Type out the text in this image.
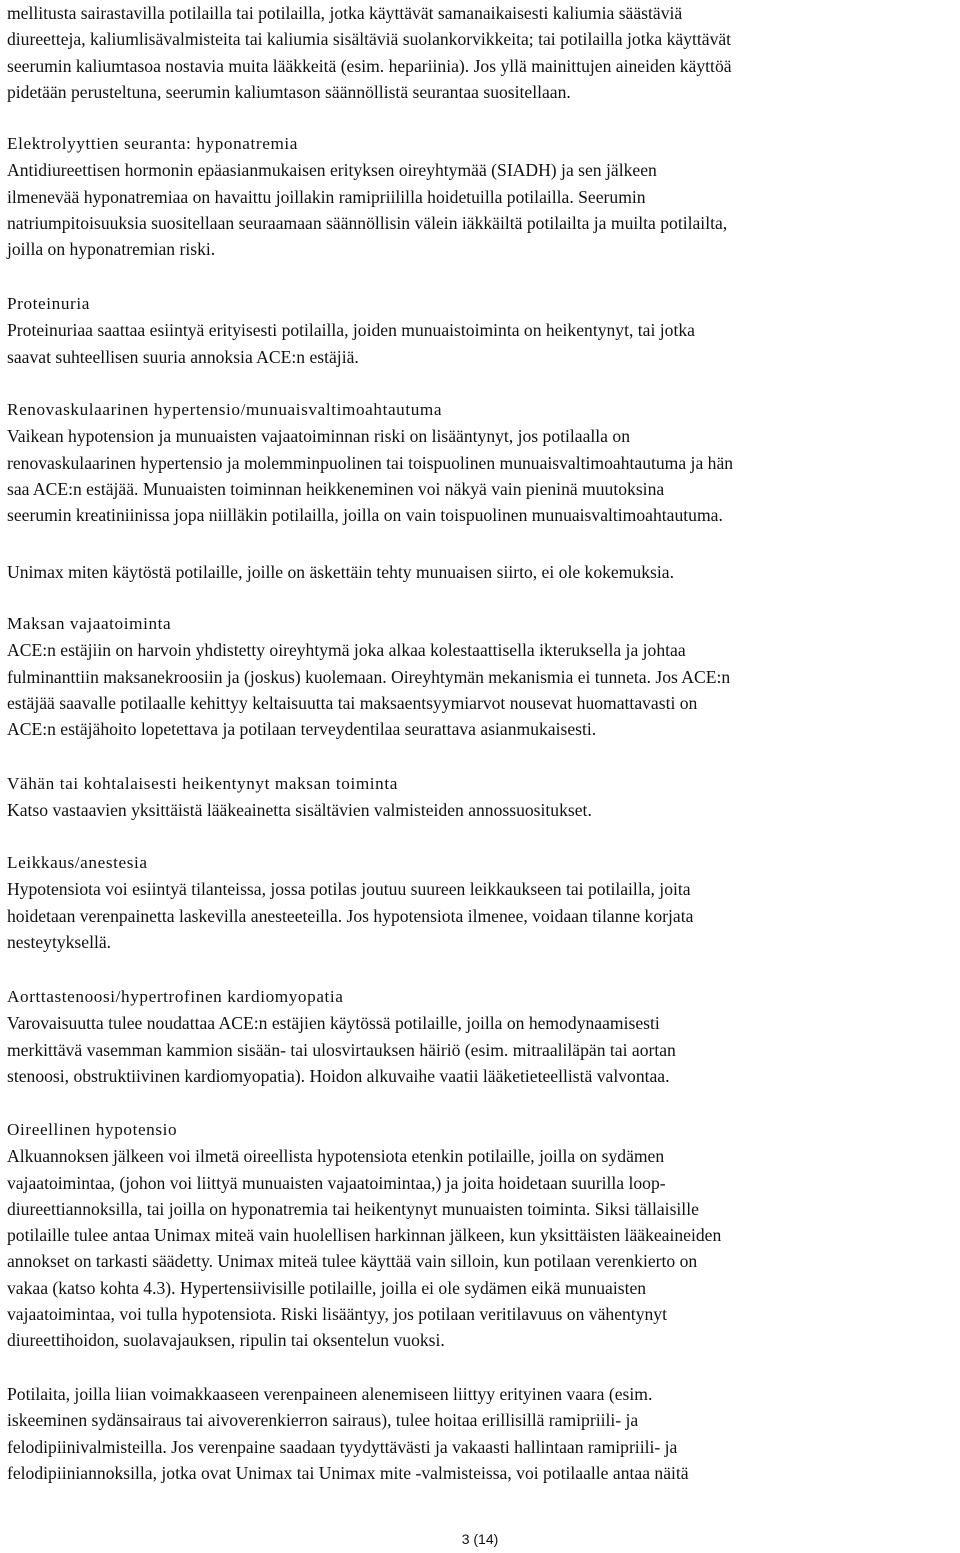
mellitusta sairastavilla potilailla tai potilailla, jotka käyttävät samanaikaisesti kaliumia säästäviä
diureetteja, kaliumlisävalmisteita tai kaliumia sisältäviä suolankorvikkeita; tai potilailla jotka käyttävät
seerumin kaliumtasoa nostavia muita lääkkeitä (esim. hepariinia). Jos yllä mainittujen aineiden käyttöä
pidetään perusteltuna, seerumin kaliumtason säännöllistä seurantaa suositellaan.

Elektrolyyttien seuranta: hyponatremia

Antidiureettisen hormonin epäasianmukaisen erityksen oireyhtymää (SIADH) ja sen jälkeen
ilmenevää hyponatremiaa on havaittu joillakin ramipriililla hoidetuilla potilailla. Seerumin
natriumpitoisuuksia suositellaan seuraamaan säännöllisin välein iäkkäiltä potilailta ja muilta potilailta,
joilla on hyponatremian riski.

Proteinuria

Proteinuriaa saattaa esiintyä erityisesti potilailla, joiden munuaistoiminta on heikentynyt, tai jotka
saavat suhteellisen suuria annoksia ACE:n estäjiä.

Renovaskulaarinen hypertensio/munuaisvaltimoahtautuma

Vaikean hypotension ja munuaisten vajaatoiminnan riski on lisääntynyt, jos potilaalla on
renovaskulaarinen hypertensio ja molemminpuolinen tai toispuolinen munuaisvaltimoahtautuma ja hän
saa ACE:n estäjää. Munuaisten toiminnan heikkeneminen voi näkyä vain pieninä muutoksina
seerumin kreatiniinissa jopa niilläkin potilailla, joilla on vain toispuolinen munuaisvaltimoahtautuma.

Unimax miten käytöstä potilaille, joille on äskettäin tehty munuaisen siirto, ei ole kokemuksia.

Maksan vajaatoiminta

ACE:n estäjiin on harvoin yhdistetty oireyhtymä joka alkaa kolestaattisella ikteruksella ja johtaa
fulminanttiin maksanekroosiin ja (joskus) kuolemaan. Oireyhtymän mekanismia ei tunneta. Jos ACE:n
estäjää saavalle potilaalle kehittyy keltaisuutta tai maksaentsyymiarvot nousevat huomattavasti on
ACE:n estäjähoito lopetettava ja potilaan terveydentilaa seurattava asianmukaisesti.

Vähän tai kohtalaisesti heikentynyt maksan toiminta

Katso vastaavien yksittäistä lääkeainetta sisältävien valmisteiden annossuositukset.

Leikkaus/anestesia

Hypotensiota voi esiintyä tilanteissa, jossa potilas joutuu suureen leikkaukseen tai potilailla, joita
hoidetaan verenpainetta laskevilla anesteeteilla. Jos hypotensiota ilmenee, voidaan tilanne korjata
nesteytyksellä.

Aorttastenoosi/hypertrofinen kardiomyopatia

Varovaisuutta tulee noudattaa ACE:n estäjien käytössä potilaille, joilla on hemodynaamisesti
merkittävä vasemman kammion sisään- tai ulosvirtauksen häiriö (esim. mitraaliläpän tai aortan
stenoosi, obstruktiivinen kardiomyopatia). Hoidon alkuvaihe vaatii lääketieteellistä valvontaa.

Oireellinen hypotensio

Alkuannoksen jälkeen voi ilmetä oireellista hypotensiota etenkin potilaille, joilla on sydämen
vajaatoimintaa, (johon voi liittyä munuaisten vajaatoimintaa,) ja joita hoidetaan suurilla loop-
diureettiannoksilla, tai joilla on hyponatremia tai heikentynyt munuaisten toiminta. Siksi tällaisille
potilaille tulee antaa Unimax miteä vain huolellisen harkinnan jälkeen, kun yksittäisten lääkeaineiden
annokset on tarkasti säädetty. Unimax miteä tulee käyttää vain silloin, kun potilaan verenkierto on
vakaa (katso kohta 4.3). Hypertensiivisille potilaille, joilla ei ole sydämen eikä munuaisten
vajaatoimintaa, voi tulla hypotensiota. Riski lisääntyy, jos potilaan veritilavuus on vähentynyt
diureettihoidon, suolavajauksen, ripulin tai oksentelun vuoksi.

Potilaita, joilla liian voimakkaaseen verenpaineen alenemiseen liittyy erityinen vaara (esim.
iskeeminen sydänsairaus tai aivoverenkierron sairaus), tulee hoitaa erillisillä ramipriili- ja
felodipiinivalmisteilla. Jos verenpaine saadaan tyydyttävästi ja vakaasti hallintaan ramipriili- ja
felodipiiniannoksilla, jotka ovat Unimax tai Unimax mite -valmisteissa, voi potilaalle antaa näitä

3 (14)
